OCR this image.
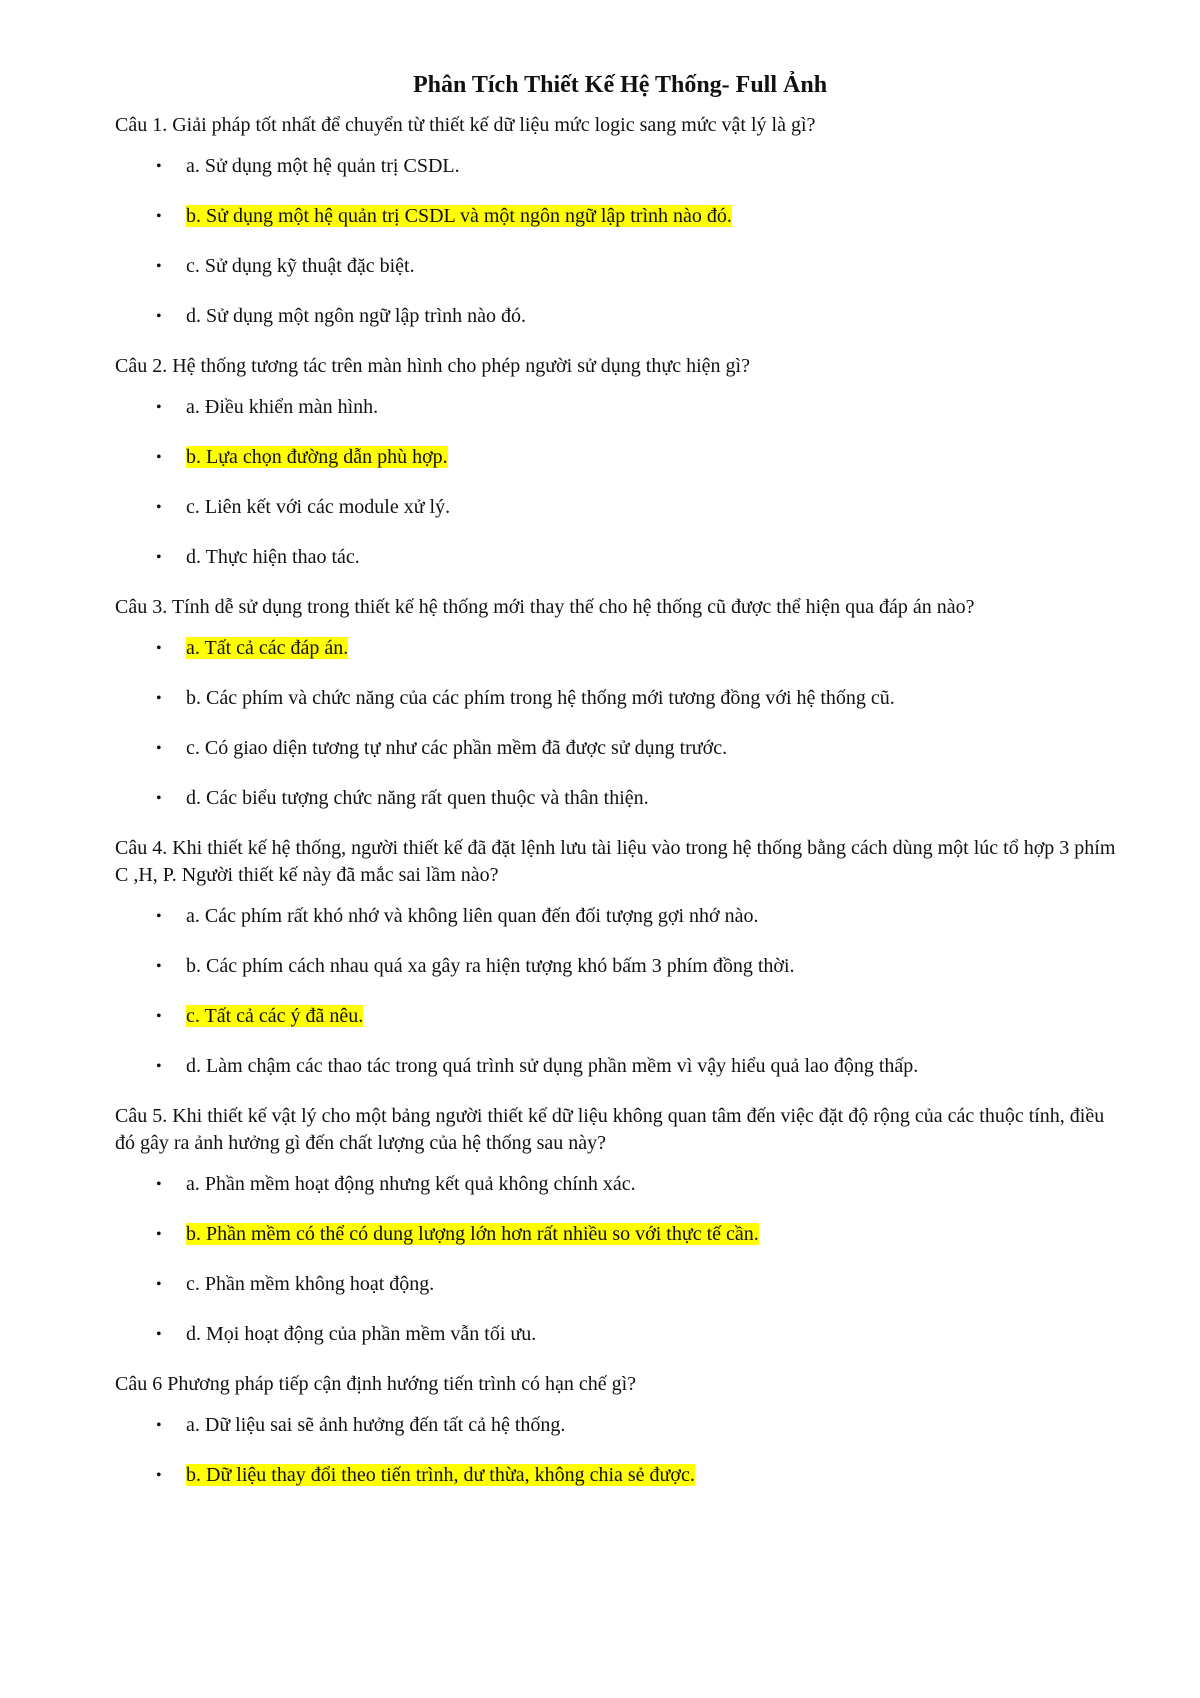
Phân Tích Thiết Kế Hệ Thống- Full Ảnh

Câu 1. Giải pháp tốt nhất để chuyển từ thiết kế dữ liệu mức logic sang mức vật lý là gì?

• a. Sử dụng một hệ quản trị CSDL.
• b. Sử dụng một hệ quản trị CSDL và một ngôn ngữ lập trình nào đó.
• c. Sử dụng kỹ thuật đặc biệt.
• d. Sử dụng một ngôn ngữ lập trình nào đó.

Câu 2. Hệ thống tương tác trên màn hình cho phép người sử dụng thực hiện gì?

• a. Điều khiển màn hình.
• b. Lựa chọn đường dẫn phù hợp.
• c. Liên kết với các module xử lý.
• d. Thực hiện thao tác.

Câu 3. Tính dễ sử dụng trong thiết kế hệ thống mới thay thế cho hệ thống cũ được thể hiện qua đáp án nào?

• a. Tất cả các đáp án.
• b. Các phím và chức năng của các phím trong hệ thống mới tương đồng với hệ thống cũ.
• c. Có giao diện tương tự như các phần mềm đã được sử dụng trước.
• d. Các biểu tượng chức năng rất quen thuộc và thân thiện.

Câu 4. Khi thiết kế hệ thống, người thiết kế đã đặt lệnh lưu tài liệu vào trong hệ thống bằng cách dùng một lúc tổ hợp 3 phím C ,H, P. Người thiết kế này đã mắc sai lầm nào?

• a. Các phím rất khó nhớ và không liên quan đến đối tượng gợi nhớ nào.
• b. Các phím cách nhau quá xa gây ra hiện tượng khó bấm 3 phím đồng thời.
• c. Tất cả các ý đã nêu.
• d. Làm chậm các thao tác trong quá trình sử dụng phần mềm vì vậy hiểu quả lao động thấp.

Câu 5. Khi thiết kế vật lý cho một bảng người thiết kế dữ liệu không quan tâm đến việc đặt độ rộng của các thuộc tính, điều đó gây ra ảnh hưởng gì đến chất lượng của hệ thống sau này?

• a. Phần mềm hoạt động nhưng kết quả không chính xác.
• b. Phần mềm có thể có dung lượng lớn hơn rất nhiều so với thực tế cần.
• c. Phần mềm không hoạt động.
• d. Mọi hoạt động của phần mềm vẫn tối ưu.

Câu 6 Phương pháp tiếp cận định hướng tiến trình có hạn chế gì?

• a. Dữ liệu sai sẽ ảnh hưởng đến tất cả hệ thống.
• b. Dữ liệu thay đổi theo tiến trình, dư thừa, không chia sẻ được.
